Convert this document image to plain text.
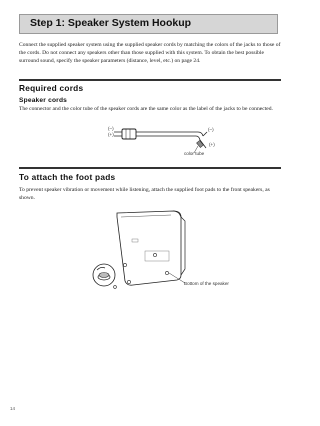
Step 1: Speaker System Hookup
Connect the supplied speaker system using the supplied speaker cords by matching the colors of the jacks to those of the cords. Do not connect any speakers other than those supplied with this system. To obtain the best possible surround sound, specify the speaker parameters (distance, level, etc.) on page 24.
Required cords
Speaker cords
The connector and the color tube of the speaker cords are the same color as the label of the jacks to be connected.
(–)
(+)
(–)
(+)
color tube
To attach the foot pads
To prevent speaker vibration or movement while listening, attach the supplied foot pads to the front speakers, as shown.
Bottom of the speaker
14
